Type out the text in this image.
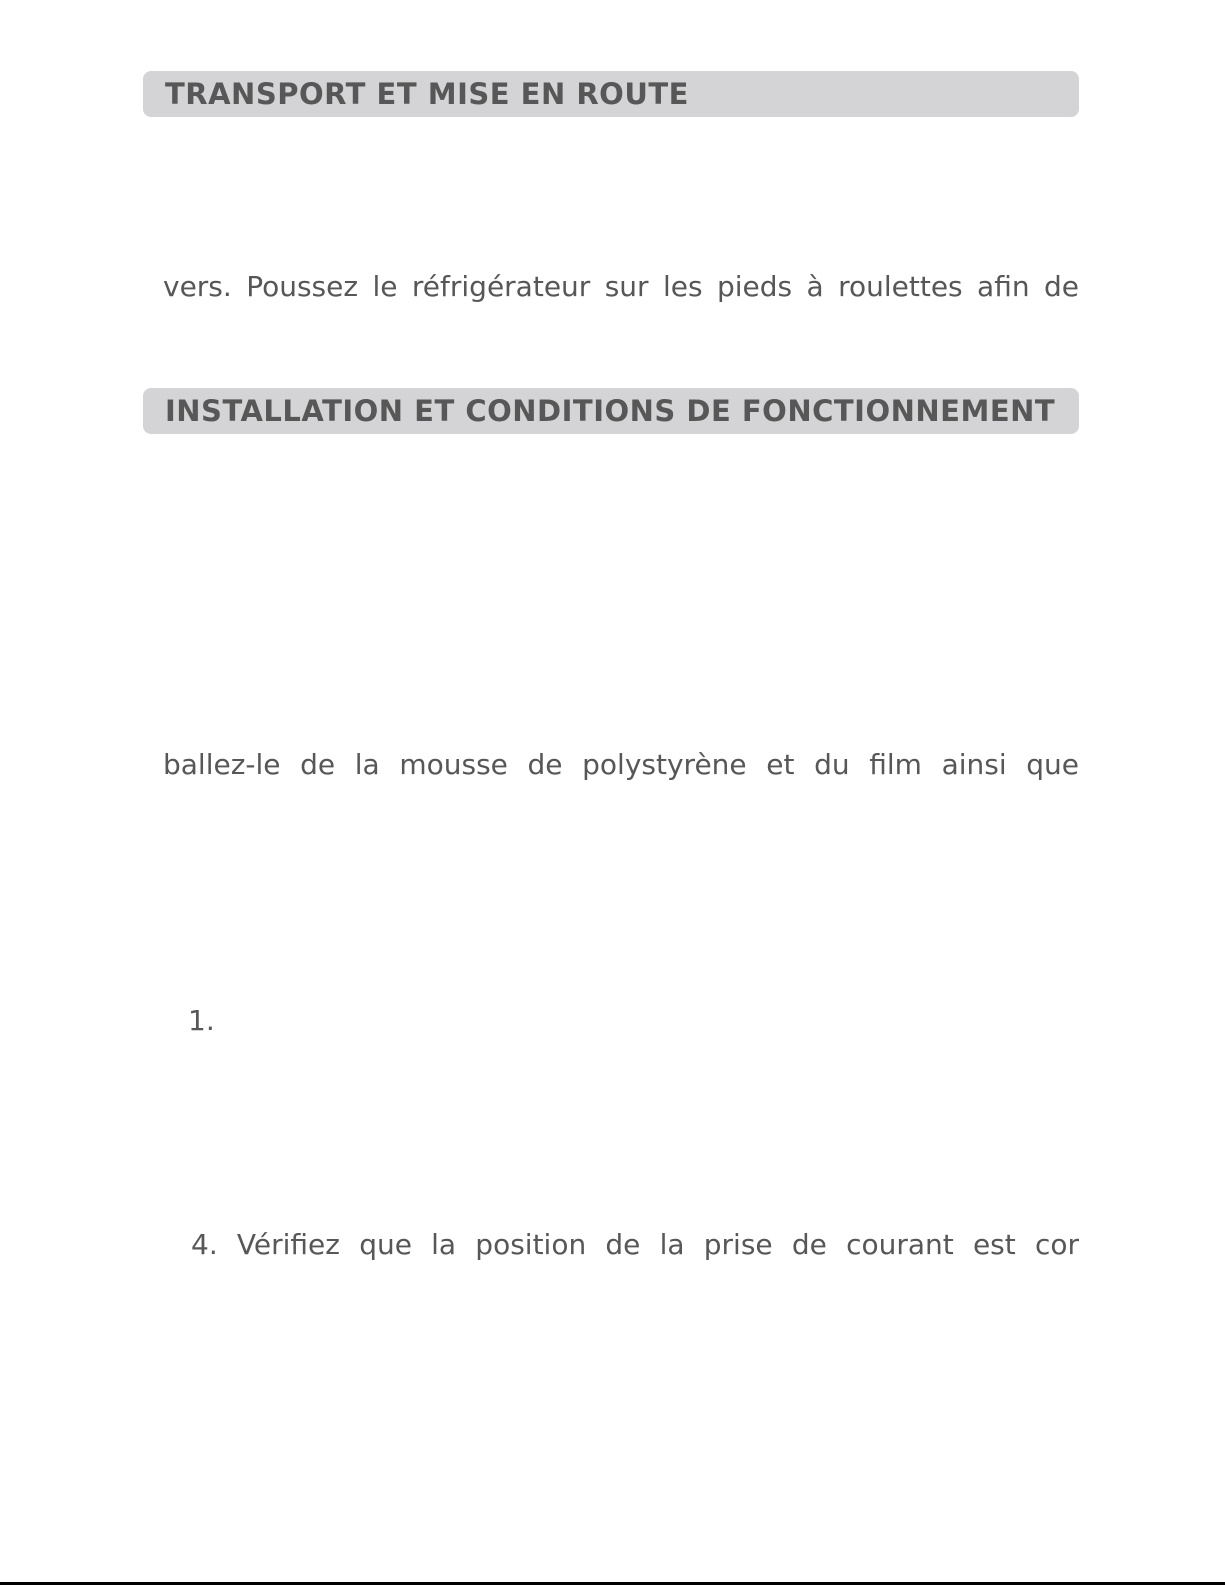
TRANSPORT ET MISE EN ROUTE
vers. Poussez le réfrigérateur sur les pieds à roulettes afin de
INSTALLATION ET CONDITIONS DE FONCTIONNEMENT
ballez-le de la mousse de polystyrène et du film ainsi que
1.
4. Vérifiez que la position de la prise de courant est cor
